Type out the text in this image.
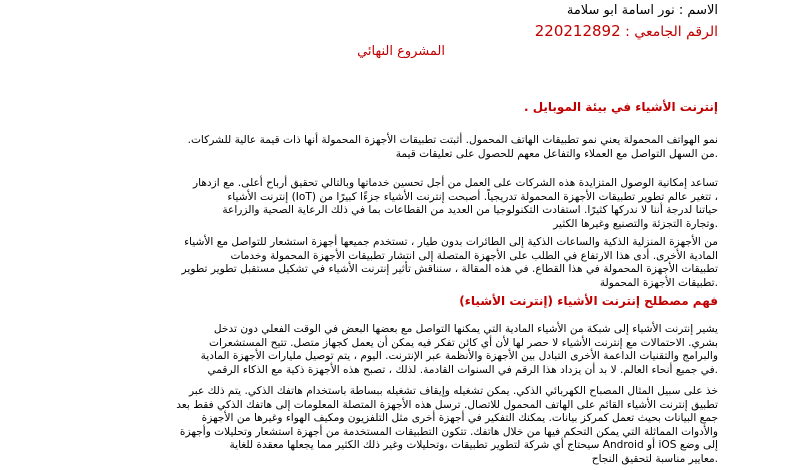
الاسم : نور اسامة ابو سلامة
الرقم الجامعي : 220212892
المشروع النهائي
إنترنت الأشياء في بيئة الموبايل .
نمو الهواتف المحمولة يعني نمو تطبيقات الهاتف المحمول. أثبتت تطبيقات الأجهزة المحمولة أنها ذات قيمة عالية للشركات.
.من السهل التواصل مع العملاء والتفاعل معهم للحصول على تعليقات قيمة
تساعد إمكانية الوصول المتزايدة هذه الشركات على العمل من أجل تحسين خدماتها وبالتالي تحقيق أرباح أعلى. مع ازدهار
، تتغير عالم تطوير تطبيقات الأجهزة المحمولة تدريجياً. أصبحت إنترنت الأشياء جزءًا كبيرًا من (IoT) إنترنت الأشياء
حياتنا لدرجة أننا لا ندركها كثيرًا. استفادت التكنولوجيا من العديد من القطاعات بما في ذلك الرعاية الصحية والزراعة
.وتجارة التجزئة والتصنيع وغيرها الكثير
من الأجهزة المنزلية الذكية والساعات الذكية إلى الطائرات بدون طيار ، تستخدم جميعها أجهزة استشعار للتواصل مع الأشياء
المادية الأخرى. أدى هذا الارتفاع في الطلب على الأجهزة المتصلة إلى انتشار تطبيقات الأجهزة المحمولة وخدمات
تطبيقات الأجهزة المحمولة في هذا القطاع. في هذه المقالة ، سنناقش تأثير إنترنت الأشياء في تشكيل مستقبل تطوير تطوير
.تطبيقات الأجهزة المحمولة
فهم مصطلح إنترنت الأشياء (إنترنت الأشياء)
يشير إنترنت الأشياء إلى شبكة من الأشياء المادية التي يمكنها التواصل مع بعضها البعض في الوقت الفعلي دون تدخل
بشري. الاحتمالات مع إنترنت الأشياء لا حصر لها لأن أي كائن تفكر فيه يمكن أن يعمل كجهاز متصل. تتيح المستشعرات
والبرامج والتقنيات الداعمة الأخرى التبادل بين الأجهزة والأنظمة عبر الإنترنت. اليوم ، يتم توصيل مليارات الأجهزة المادية
.في جميع أنحاء العالم. لا بد أن يزداد هذا الرقم في السنوات القادمة. لذلك ، تصبح هذه الأجهزة ذكية مع الذكاء الرقمي
خذ على سبيل المثال المصباح الكهربائي الذكي. يمكن تشغيله وإيقاف تشغيله ببساطة باستخدام هاتفك الذكي. يتم ذلك عبر
تطبيق إنترنت الأشياء القائم على الهاتف المحمول للاتصال. ترسل هذه الأجهزة المتصلة المعلومات إلى هاتفك الذكي فقط بعد
جمع البيانات بحيث تعمل كمركز بيانات. يمكنك التفكير في أجهزة أخرى مثل التلفزيون ومكيف الهواء وغيرها من الأجهزة
والأدوات المماثلة التي يمكن التحكم فيها من خلال هاتفك. تتكون التطبيقات المستخدمة من أجهزة استشعار وتحليلات وأجهزة
إلى وضع iOS أو Android سيحتاج أي شركة لتطوير تطبيقات ،وتحليلات وغير ذلك الكثير مما يجعلها معقدة للغاية
.معايير مناسبة لتحقيق النجاح
